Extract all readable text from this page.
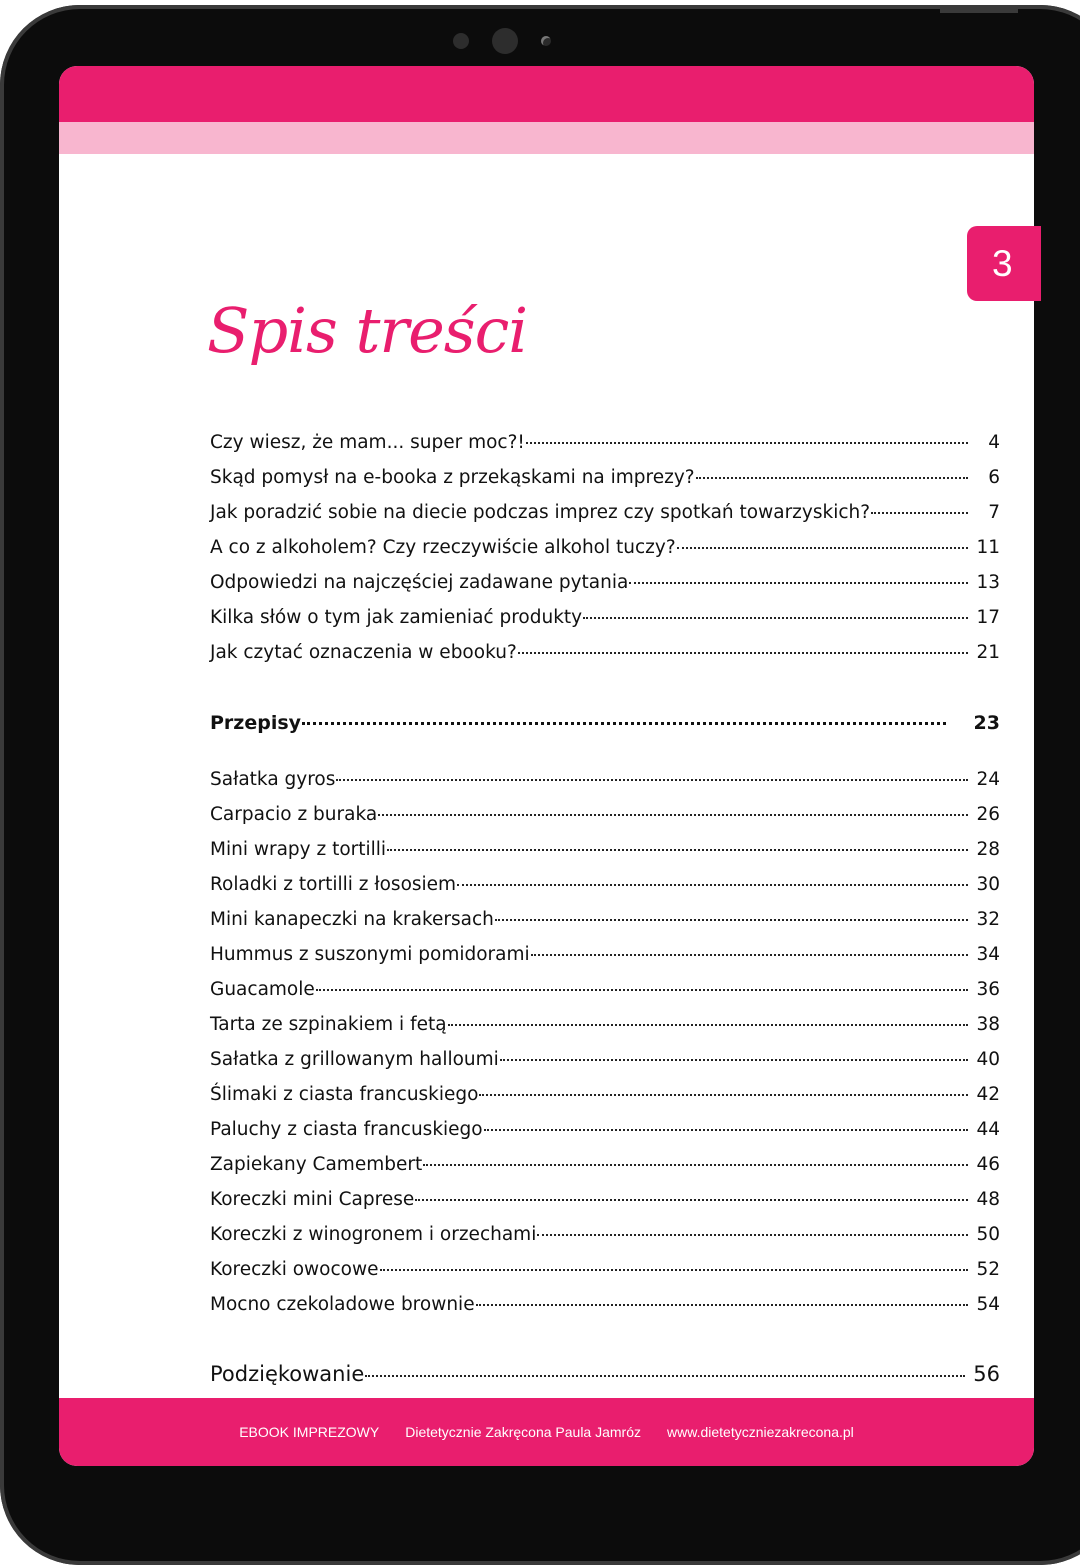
Spis treści
Czy wiesz, że mam... super moc?!	4
Skąd pomysł na e-booka z przekąskami na imprezy?	6
Jak poradzić sobie na diecie podczas imprez czy spotkań towarzyskich?	7
A co z alkoholem? Czy rzeczywiście alkohol tuczy?	11
Odpowiedzi na najczęściej zadawane pytania	13
Kilka słów o tym jak zamieniać produkty	17
Jak czytać oznaczenia w ebooku?	21
Przepisy	23
Sałatka gyros	24
Carpacio z buraka	26
Mini wrapy z tortilli	28
Roladki z tortilli z łososiem	30
Mini kanapeczki na krakersach	32
Hummus z suszonymi pomidorami	34
Guacamole	36
Tarta ze szpinakiem i fetą	38
Sałatka z grillowanym halloumi	40
Ślimaki z ciasta francuskiego	42
Paluchy z ciasta francuskiego	44
Zapiekany Camembert	46
Koreczki mini Caprese	48
Koreczki z winogronem i orzechami	50
Koreczki owocowe	52
Mocno czekoladowe brownie	54
Podziękowanie	56
EBOOK IMPREZOWY Dietetycznie Zakręcona Paula Jamróz www.dietetyczniezakrecona.pl
3
